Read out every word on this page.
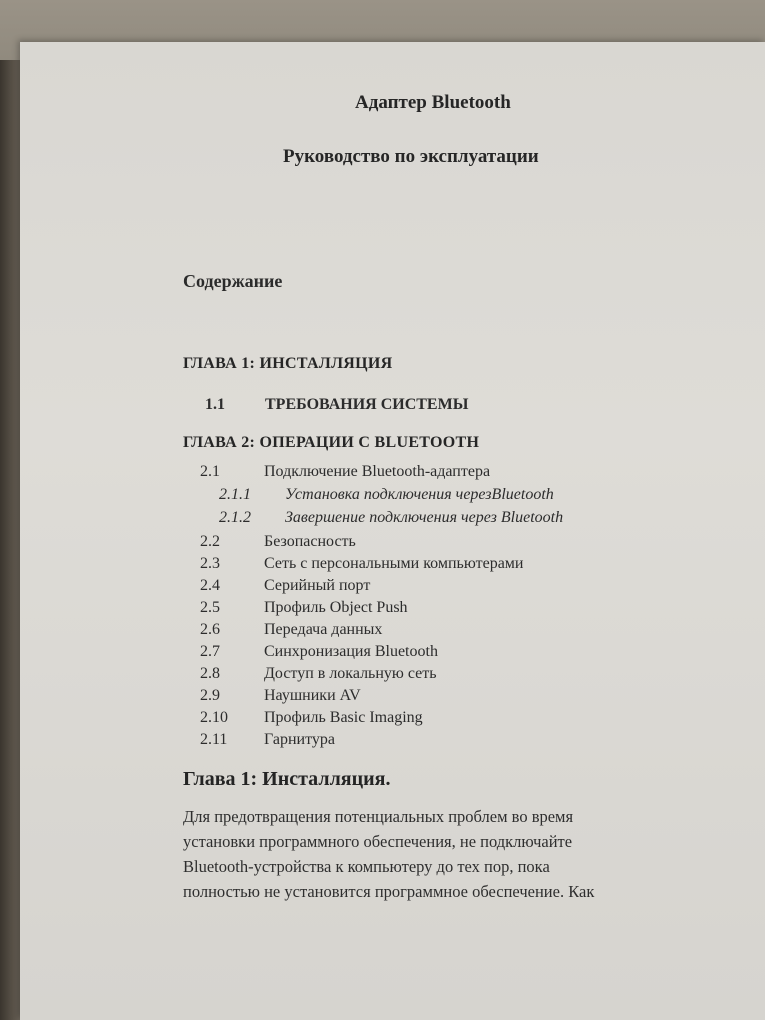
Адаптер Bluetooth
Руководство по эксплуатации
Содержание
ГЛАВА 1: ИНСТАЛЛЯЦИЯ
1.1	ТРЕБОВАНИЯ СИСТЕМЫ
ГЛАВА 2: ОПЕРАЦИИ С BLUETOOTH
2.1	Подключение Bluetooth-адаптера
2.1.1 Установка подключения черезBluetooth
2.1.2 Завершение подключения через Bluetooth
2.2	Безопасность
2.3	Сеть с персональными компьютерами
2.4	Серийный порт
2.5	Профиль Object Push
2.6	Передача данных
2.7	Синхронизация Bluetooth
2.8	Доступ в локальную сеть
2.9	Наушники AV
2.10 Профиль Basic Imaging
2.11 Гарнитура
Глава 1: Инсталляция.
Для предотвращения потенциальных проблем во время
установки программного обеспечения, не подключайте
Bluetooth-устройства к компьютеру до тех пор, пока
полностью не установится программное обеспечение. Как
